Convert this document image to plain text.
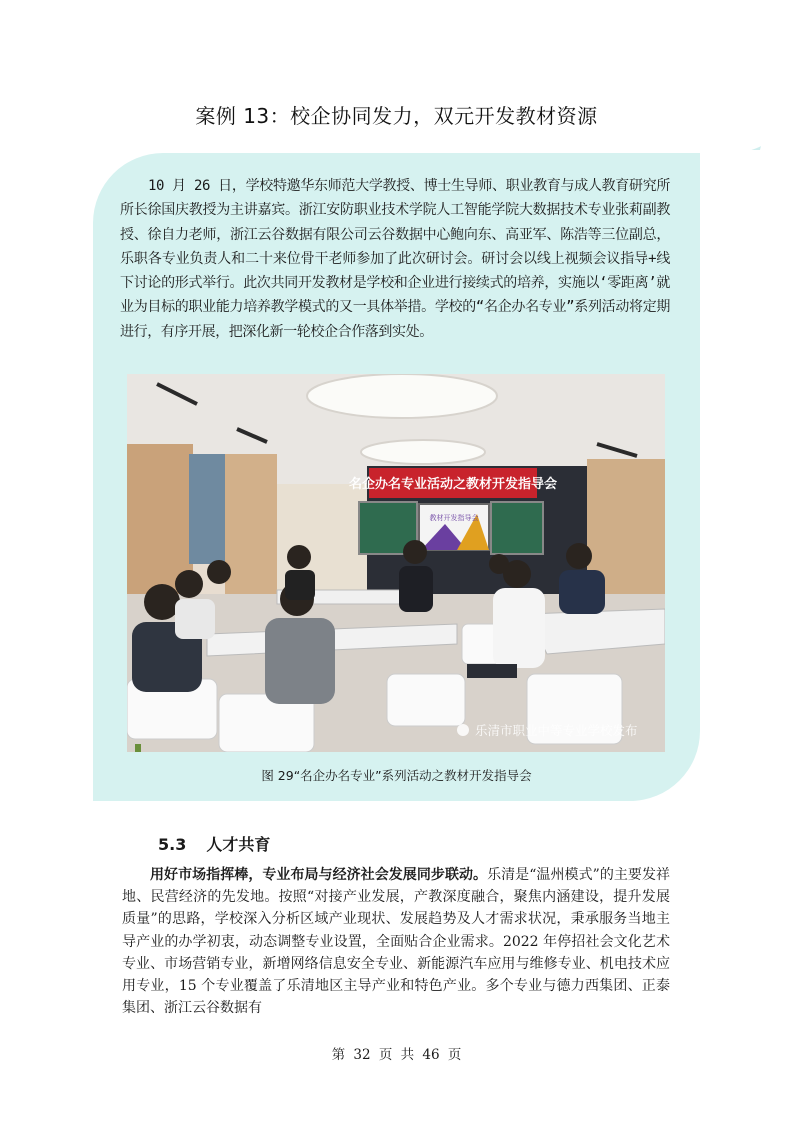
案例 13：校企协同发力，双元开发教材资源
10 月 26 日，学校特邀华东师范大学教授、博士生导师、职业教育与成人教育研究所所长徐国庆教授为主讲嘉宾。浙江安防职业技术学院人工智能学院大数据技术专业张莉副教授、徐自力老师，浙江云谷数据有限公司云谷数据中心鲍向东、高亚军、陈浩等三位副总，乐职各专业负责人和二十来位骨干老师参加了此次研讨会。研讨会以线上视频会议指导+线下讨论的形式举行。此次共同开发教材是学校和企业进行接续式的培养，实施以‘零距离’就业为目标的职业能力培养教学模式的又一具体举措。学校的“名企办名专业”系列活动将定期进行，有序开展，把深化新一轮校企合作落到实处。
名企办名专业活动之教材开发指导会
教材开发指导会
乐清市职业中等专业学校发布
图 29“名企办名专业”系列活动之教材开发指导会
5.3 人才共育
用好市场指挥棒，专业布局与经济社会发展同步联动。乐清是“温州模式”的主要发祥地、民营经济的先发地。按照“对接产业发展，产教深度融合，聚焦内涵建设，提升发展质量”的思路，学校深入分析区域产业现状、发展趋势及人才需求状况，秉承服务当地主导产业的办学初衷，动态调整专业设置，全面贴合企业需求。2022 年停招社会文化艺术专业、市场营销专业，新增网络信息安全专业、新能源汽车应用与维修专业、机电技术应用专业，15 个专业覆盖了乐清地区主导产业和特色产业。多个专业与德力西集团、正泰集团、浙江云谷数据有
第 32 页 共 46 页
